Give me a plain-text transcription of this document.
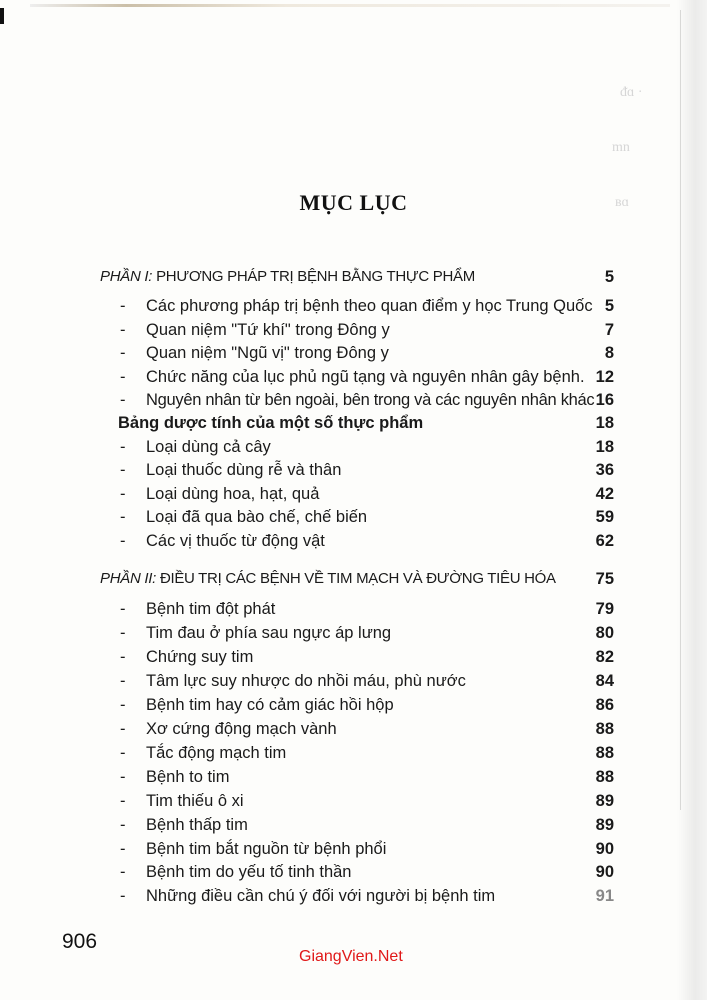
ᵭɑ ·
mn
ʙɑ
MỤC LỤC
PHẦN I: PHƯƠNG PHÁP TRỊ BỆNH BẰNG THỰC PHẨM	5
- Các phương pháp trị bệnh theo quan điểm y học Trung Quốc 5
- Quan niệm "Tứ khí" trong Đông y	7
- Quan niệm "Ngũ vị" trong Đông y	8
- Chức năng của lục phủ ngũ tạng và nguyên nhân gây bệnh. 12
- Nguyên nhân từ bên ngoài, bên trong và các nguyên nhân khác 16
Bảng dược tính của một số thực phẩm	18
- Loại dùng cả cây	18
- Loại thuốc dùng rễ và thân	36
- Loại dùng hoa, hạt, quả	42
- Loại đã qua bào chế, chế biến	59
- Các vị thuốc từ động vật	62
PHẦN II: ĐIỀU TRỊ CÁC BỆNH VỀ TIM MẠCH VÀ ĐƯỜNG TIÊU HÓA 75
- Bệnh tim đột phát	79
- Tim đau ở phía sau ngực áp lưng	80
- Chứng suy tim	82
- Tâm lực suy nhược do nhồi máu, phù nước	84
- Bệnh tim hay có cảm giác hồi hộp	86
- Xơ cứng động mạch vành	88
- Tắc động mạch tim	88
- Bệnh to tim	88
- Tim thiếu ô xi	89
- Bệnh thấp tim	89
- Bệnh tim bắt nguồn từ bệnh phổi	90
- Bệnh tim do yếu tố tinh thần	90
- Những điều cần chú ý đối với người bị bệnh tim	91
906
GiangVien.Net
